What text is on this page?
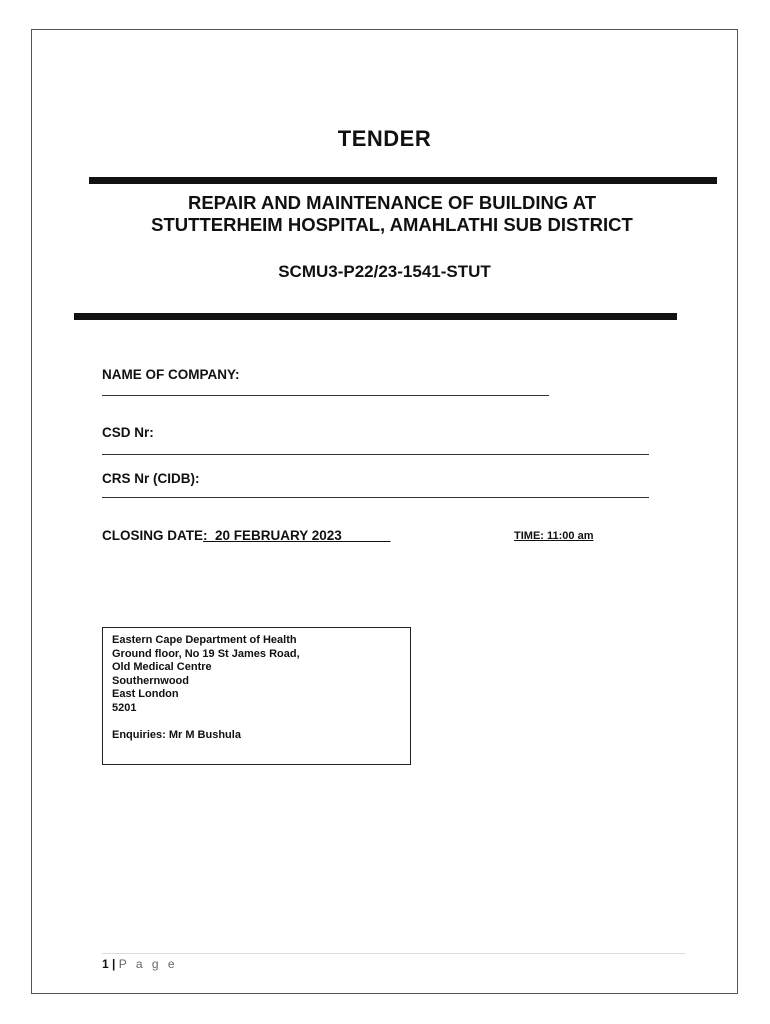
TENDER
REPAIR AND MAINTENANCE OF BUILDING AT
STUTTERHEIM HOSPITAL, AMAHLATHI SUB DISTRICT
SCMU3-P22/23-1541-STUT
NAME OF COMPANY:
CSD Nr:
CRS Nr (CIDB):
CLOSING DATE:  20 FEBRUARY 2023	TIME: 11:00 am
Eastern Cape Department of Health
Ground floor, No 19 St James Road,
Old Medical Centre
Southernwood
East London
5201
Enquiries: Mr M Bushula
1 | P a g e
